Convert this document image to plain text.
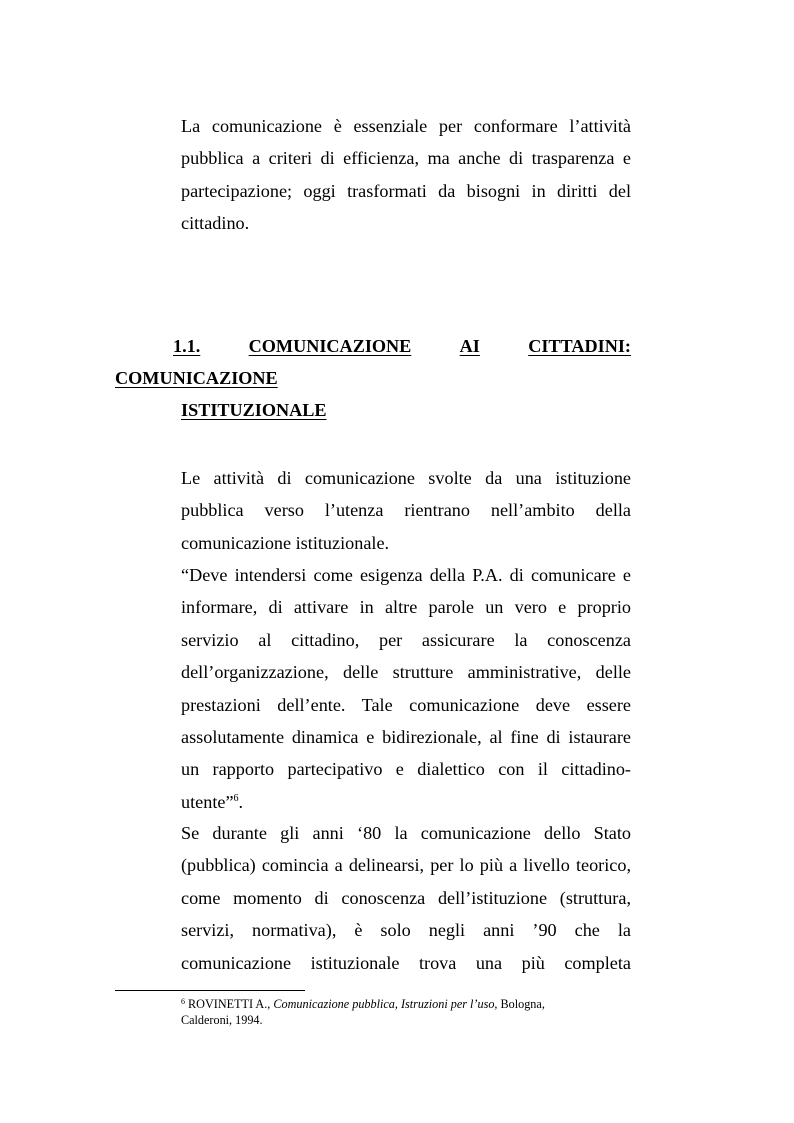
La comunicazione è essenziale per conformare l’attività
pubblica a criteri di efficienza, ma anche di trasparenza e
partecipazione; oggi trasformati da bisogni in diritti del
cittadino.
1.1.	COMUNICAZIONE	AI	CITTADINI:
COMUNICAZIONE
ISTITUZIONALE
Le attività di comunicazione svolte da una istituzione
pubblica verso l’utenza rientrano nell’ambito della
comunicazione istituzionale.
“Deve intendersi come esigenza della P.A. di comunicare e
informare, di attivare in altre parole un vero e proprio
servizio al cittadino, per assicurare la conoscenza
dell’organizzazione, delle strutture amministrative, delle
prestazioni dell’ente. Tale comunicazione deve essere
assolutamente dinamica e bidirezionale, al fine di istaurare
un rapporto partecipativo e dialettico con il cittadino-
utente”$^6$.
Se durante gli anni ‘80 la comunicazione dello Stato
(pubblica) comincia a delinearsi, per lo più a livello teorico,
come momento di conoscenza dell’istituzione (struttura,
servizi, normativa), è solo negli anni ’90 che la
comunicazione istituzionale trova una più completa

$^6$ ROVINETTI A., Comunicazione pubblica, Istruzioni per l’uso, Bologna,
Calderoni, 1994.
